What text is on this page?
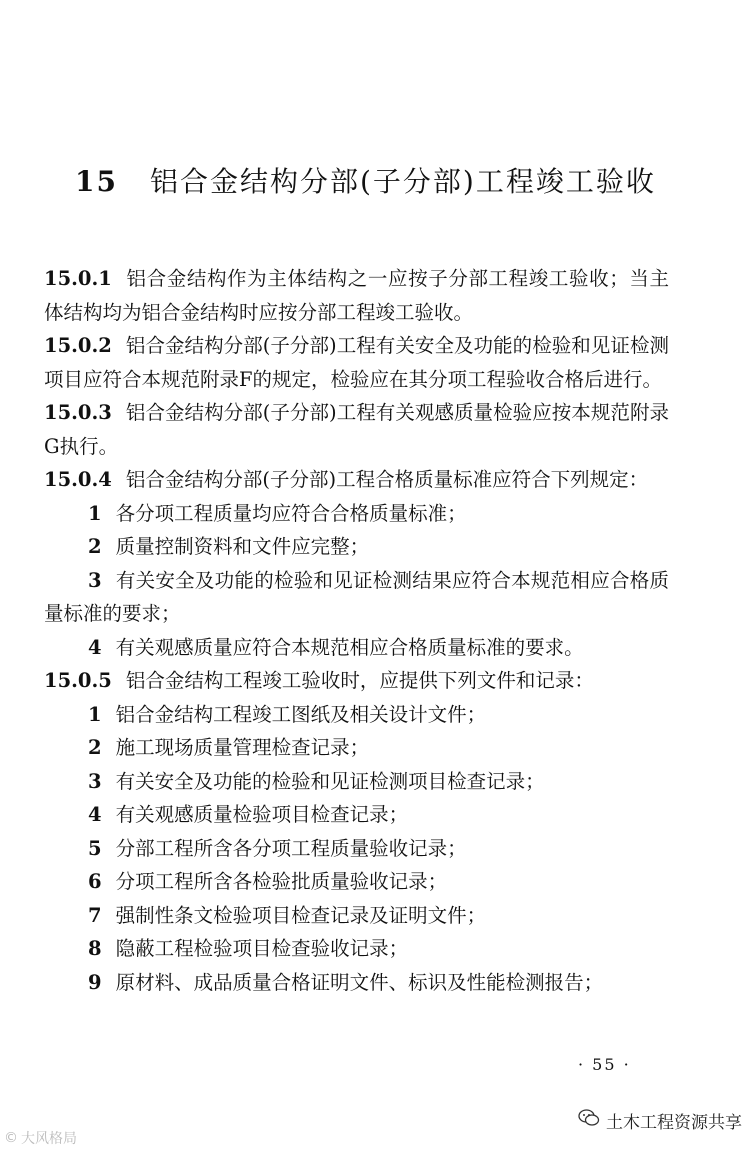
15 铝合金结构分部(子分部)工程竣工验收

15.0.1 铝合金结构作为主体结构之一应按子分部工程竣工验收；当主体结构均为铝合金结构时应按分部工程竣工验收。

15.0.2 铝合金结构分部(子分部)工程有关安全及功能的检验和见证检测项目应符合本规范附录F的规定，检验应在其分项工程验收合格后进行。

15.0.3 铝合金结构分部(子分部)工程有关观感质量检验应按本规范附录G执行。

15.0.4 铝合金结构分部(子分部)工程合格质量标准应符合下列规定：

1 各分项工程质量均应符合合格质量标准；

2 质量控制资料和文件应完整；

3 有关安全及功能的检验和见证检测结果应符合本规范相应合格质量标准的要求；

4 有关观感质量应符合本规范相应合格质量标准的要求。

15.0.5 铝合金结构工程竣工验收时，应提供下列文件和记录：

1 铝合金结构工程竣工图纸及相关设计文件；

2 施工现场质量管理检查记录；

3 有关安全及功能的检验和见证检测项目检查记录；

4 有关观感质量检验项目检查记录；

5 分部工程所含各分项工程质量验收记录；

6 分项工程所含各检验批质量验收记录；

7 强制性条文检验项目检查记录及证明文件；

8 隐蔽工程检验项目检查验收记录；

9 原材料、成品质量合格证明文件、标识及性能检测报告；

· 55 ·
土木工程资源共享
© 大风格局
